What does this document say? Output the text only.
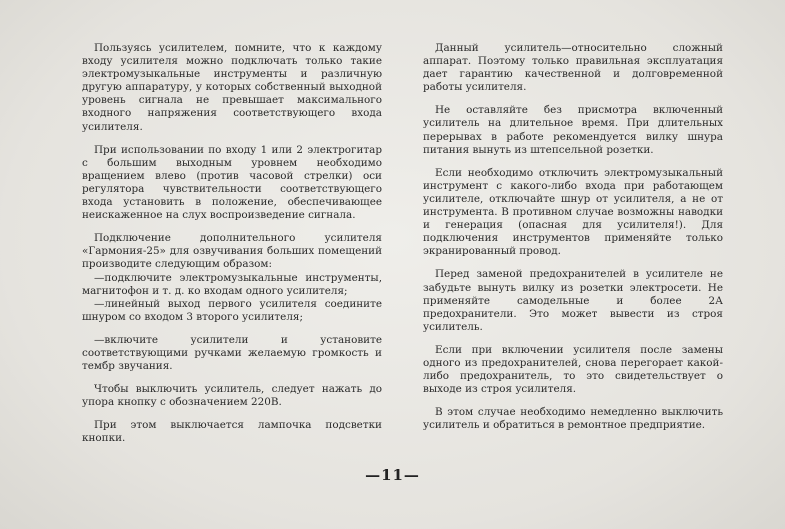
Пользуясь усилителем, помните, что к каждому входу усилителя можно подключать только такие электромузыкальные инструменты и различную другую аппаратуру, у которых собственный выходной уровень сигнала не превышает максимального входного напряжения соответствующего входа усилителя.

При использовании по входу 1 или 2 электрогитар с большим выходным уровнем необходимо вращением влево (против часовой стрелки) оси регулятора чувствительности соответствующего входа установить в положение, обеспечивающее неискаженное на слух воспроизведение сигнала.

Подключение дополнительного усилителя «Гармония-25» для озвучивания больших помещений производите следующим образом:

—подключите электромузыкальные инструменты, магнитофон и т. д. ко входам одного усилителя;

—линейный выход первого усилителя соедините шнуром со входом 3 второго усилителя;

—включите усилители и установите соответствующими ручками желаемую громкость и тембр звучания.

Чтобы выключить усилитель, следует нажать до упора кнопку с обозначением 220В.

При этом выключается лампочка подсветки кнопки.

Данный усилитель—относительно сложный аппарат. Поэтому только правильная эксплуатация дает гарантию качественной и долговременной работы усилителя.

Не оставляйте без присмотра включенный усилитель на длительное время. При длительных перерывах в работе рекомендуется вилку шнура питания вынуть из штепсельной розетки.

Если необходимо отключить электромузыкальный инструмент с какого-либо входа при работающем усилителе, отключайте шнур от усилителя, а не от инструмента. В противном случае возможны наводки и генерация (опасная для усилителя!). Для подключения инструментов применяйте только экранированный провод.

Перед заменой предохранителей в усилителе не забудьте вынуть вилку из розетки электросети. Не применяйте самодельные и более 2А предохранители. Это может вывести из строя усилитель.

Если при включении усилителя после замены одного из предохранителей, снова перегорает какой-либо предохранитель, то это свидетельствует о выходе из строя усилителя.

В этом случае необходимо немедленно выключить усилитель и обратиться в ремонтное предприятие.

—11—
